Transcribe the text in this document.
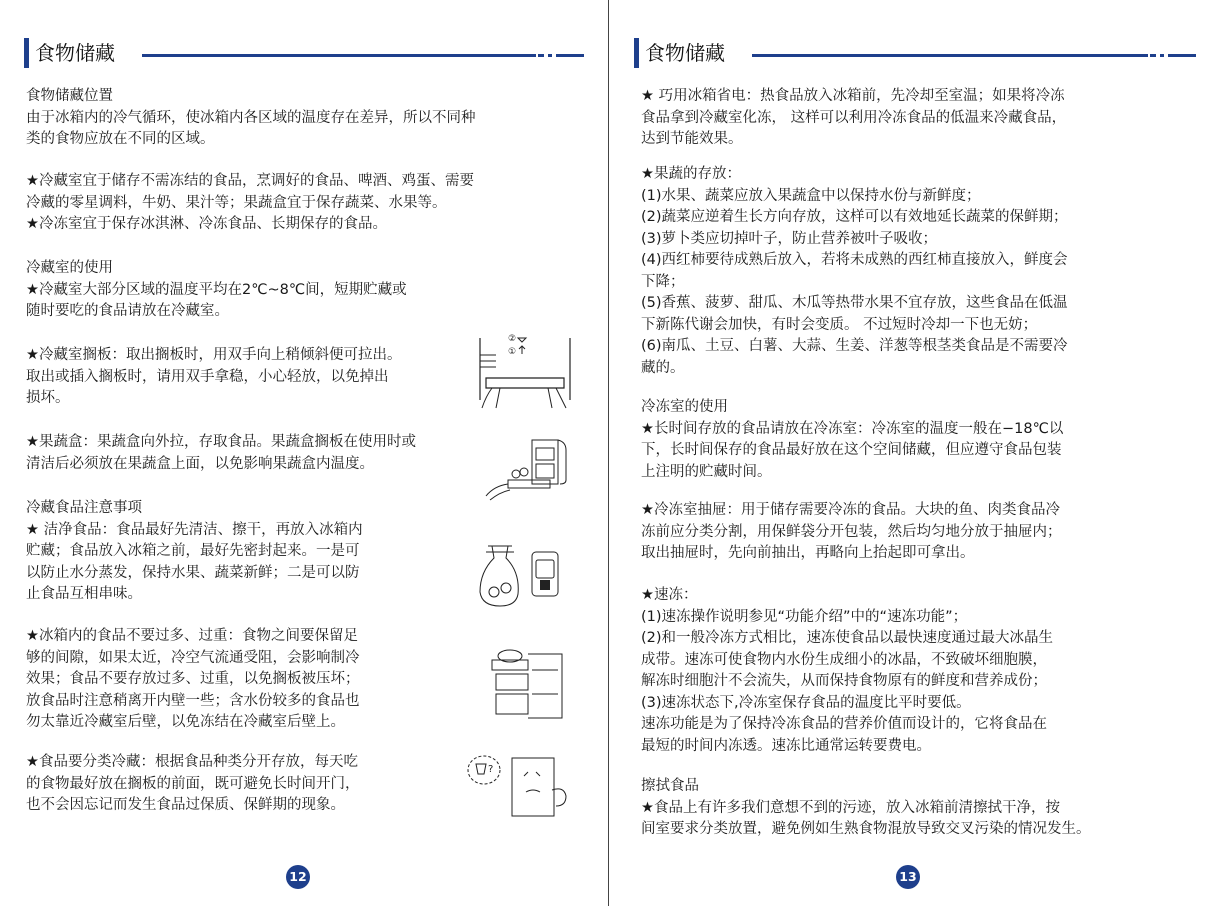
食物储藏
食物储藏位置
由于冰箱内的冷气循环，使冰箱内各区域的温度存在差异，所以不同种
类的食物应放在不同的区域。
★冷藏室宜于储存不需冻结的食品，烹调好的食品、啤酒、鸡蛋、需要
冷藏的零星调料，牛奶、果汁等；果蔬盒宜于保存蔬菜、水果等。
★冷冻室宜于保存冰淇淋、冷冻食品、长期保存的食品。
冷藏室的使用
★冷藏室大部分区域的温度平均在2℃~8℃间，短期贮藏或
随时要吃的食品请放在冷藏室。
★冷藏室搁板：取出搁板时，用双手向上稍倾斜便可拉出。
取出或插入搁板时，请用双手拿稳，小心轻放，以免掉出
损坏。
★果蔬盒：果蔬盒向外拉，存取食品。果蔬盒搁板在使用时或
清洁后必须放在果蔬盒上面，以免影响果蔬盒内温度。
冷藏食品注意事项
★ 洁净食品：食品最好先清洁、擦干，再放入冰箱内
贮藏；食品放入冰箱之前，最好先密封起来。一是可
以防止水分蒸发，保持水果、蔬菜新鲜；二是可以防
止食品互相串味。
★冰箱内的食品不要过多、过重：食物之间要保留足
够的间隙，如果太近，冷空气流通受阻，会影响制冷
效果；食品不要存放过多、过重，以免搁板被压坏；
放食品时注意稍离开内壁一些；含水份较多的食品也
勿太靠近冷藏室后壁，以免冻结在冷藏室后壁上。
★食品要分类冷藏：根据食品种类分开存放，每天吃
的食物最好放在搁板的前面，既可避免长时间开门，
也不会因忘记而发生食品过保质、保鲜期的现象。
②
①
?
12
食物储藏
★ 巧用冰箱省电：热食品放入冰箱前，先冷却至室温；如果将冷冻
食品拿到冷藏室化冻， 这样可以利用冷冻食品的低温来冷藏食品，
达到节能效果。
★果蔬的存放：
(1)水果、蔬菜应放入果蔬盒中以保持水份与新鲜度；
(2)蔬菜应逆着生长方向存放，这样可以有效地延长蔬菜的保鲜期；
(3)萝卜类应切掉叶子，防止营养被叶子吸收；
(4)西红柿要待成熟后放入，若将未成熟的西红柿直接放入，鲜度会
下降；
(5)香蕉、菠萝、甜瓜、木瓜等热带水果不宜存放，这些食品在低温
下新陈代谢会加快，有时会变质。 不过短时冷却一下也无妨；
(6)南瓜、土豆、白薯、大蒜、生姜、洋葱等根茎类食品是不需要冷
藏的。
冷冻室的使用
★长时间存放的食品请放在冷冻室：冷冻室的温度一般在−18℃以
下，长时间保存的食品最好放在这个空间储藏，但应遵守食品包装
上注明的贮藏时间。
★冷冻室抽屉：用于储存需要冷冻的食品。大块的鱼、肉类食品冷
冻前应分类分割，用保鲜袋分开包装，然后均匀地分放于抽屉内；
取出抽屉时，先向前抽出，再略向上抬起即可拿出。
★速冻：
(1)速冻操作说明参见“功能介绍”中的“速冻功能”；
(2)和一般冷冻方式相比，速冻使食品以最快速度通过最大冰晶生
成带。速冻可使食物内水份生成细小的冰晶，不致破坏细胞膜，
解冻时细胞汁不会流失，从而保持食物原有的鲜度和营养成份；
(3)速冻状态下,冷冻室保存食品的温度比平时要低。
速冻功能是为了保持冷冻食品的营养价值而设计的，它将食品在
最短的时间内冻透。速冻比通常运转要费电。
擦拭食品
★食品上有许多我们意想不到的污迹，放入冰箱前清擦拭干净，按
间室要求分类放置，避免例如生熟食物混放导致交叉污染的情况发生。
13
